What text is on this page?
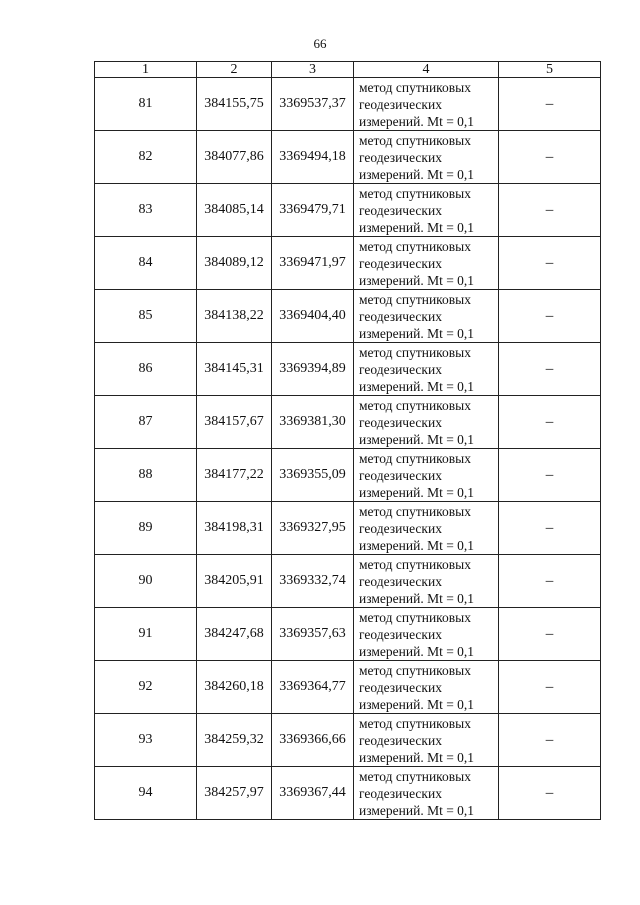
66
1	2	3	4	5
81	384155,75	3369537,37	метод спутниковых
геодезических
измерений. Mt = 0,1	–
82	384077,86	3369494,18	метод спутниковых
геодезических
измерений. Mt = 0,1	–
83	384085,14	3369479,71	метод спутниковых
геодезических
измерений. Mt = 0,1	–
84	384089,12	3369471,97	метод спутниковых
геодезических
измерений. Mt = 0,1	–
85	384138,22	3369404,40	метод спутниковых
геодезических
измерений. Mt = 0,1	–
86	384145,31	3369394,89	метод спутниковых
геодезических
измерений. Mt = 0,1	–
87	384157,67	3369381,30	метод спутниковых
геодезических
измерений. Mt = 0,1	–
88	384177,22	3369355,09	метод спутниковых
геодезических
измерений. Mt = 0,1	–
89	384198,31	3369327,95	метод спутниковых
геодезических
измерений. Mt = 0,1	–
90	384205,91	3369332,74	метод спутниковых
геодезических
измерений. Mt = 0,1	–
91	384247,68	3369357,63	метод спутниковых
геодезических
измерений. Mt = 0,1	–
92	384260,18	3369364,77	метод спутниковых
геодезических
измерений. Mt = 0,1	–
93	384259,32	3369366,66	метод спутниковых
геодезических
измерений. Mt = 0,1	–
94	384257,97	3369367,44	метод спутниковых
геодезических
измерений. Mt = 0,1	–
